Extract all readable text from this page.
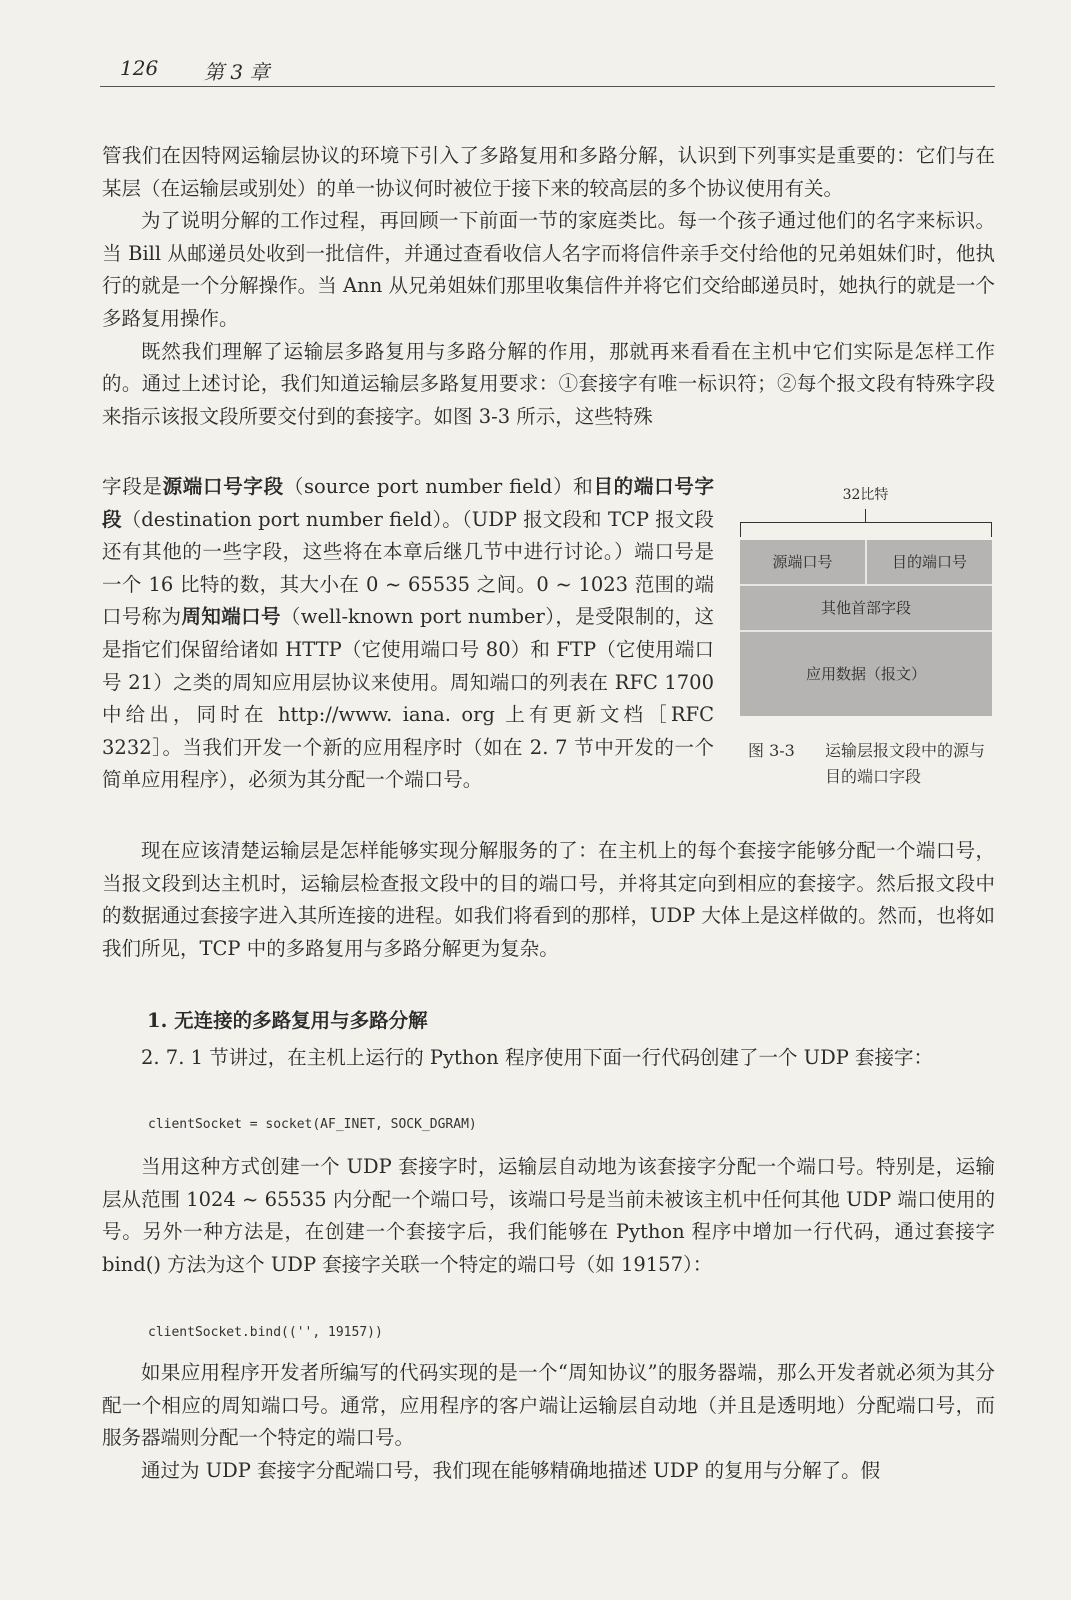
126 第 3 章

管我们在因特网运输层协议的环境下引入了多路复用和多路分解，认识到下列事实是重要的：它们与在某层（在运输层或别处）的单一协议何时被位于接下来的较高层的多个协议使用有关。

为了说明分解的工作过程，再回顾一下前面一节的家庭类比。每一个孩子通过他们的名字来标识。当 Bill 从邮递员处收到一批信件，并通过查看收信人名字而将信件亲手交付给他的兄弟姐妹们时，他执行的就是一个分解操作。当 Ann 从兄弟姐妹们那里收集信件并将它们交给邮递员时，她执行的就是一个多路复用操作。

既然我们理解了运输层多路复用与多路分解的作用，那就再来看看在主机中它们实际是怎样工作的。通过上述讨论，我们知道运输层多路复用要求：①套接字有唯一标识符；②每个报文段有特殊字段来指示该报文段所要交付到的套接字。如图 3-3 所示，这些特殊

字段是源端口号字段（source port number field）和目的端口号字段（destination port number field）。（UDP 报文段和 TCP 报文段还有其他的一些字段，这些将在本章后继几节中进行讨论。）端口号是一个 16 比特的数，其大小在 0 ~ 65535 之间。0 ~ 1023 范围的端口号称为周知端口号（well-known port number），是受限制的，这是指它们保留给诸如 HTTP（它使用端口号 80）和 FTP（它使用端口号 21）之类的周知应用层协议来使用。周知端口的列表在 RFC 1700 中给出，同时在 http://www. iana. org 上有更新文档［RFC 3232］。当我们开发一个新的应用程序时（如在 2. 7 节中开发的一个简单应用程序），必须为其分配一个端口号。
32比特
源端口号	目的端口号
其他首部字段
应用数据（报文）
图 3-3 运输层报文段中的源与目的端口字段

现在应该清楚运输层是怎样能够实现分解服务的了：在主机上的每个套接字能够分配一个端口号，当报文段到达主机时，运输层检查报文段中的目的端口号，并将其定向到相应的套接字。然后报文段中的数据通过套接字进入其所连接的进程。如我们将看到的那样，UDP 大体上是这样做的。然而，也将如我们所见，TCP 中的多路复用与多路分解更为复杂。

1. 无连接的多路复用与多路分解

2. 7. 1 节讲过，在主机上运行的 Python 程序使用下面一行代码创建了一个 UDP 套接字：

clientSocket = socket(AF_INET, SOCK_DGRAM)

当用这种方式创建一个 UDP 套接字时，运输层自动地为该套接字分配一个端口号。特别是，运输层从范围 1024 ~ 65535 内分配一个端口号，该端口号是当前未被该主机中任何其他 UDP 端口使用的号。另外一种方法是，在创建一个套接字后，我们能够在 Python 程序中增加一行代码，通过套接字 bind() 方法为这个 UDP 套接字关联一个特定的端口号（如 19157）：

clientSocket.bind(('', 19157))

如果应用程序开发者所编写的代码实现的是一个“周知协议”的服务器端，那么开发者就必须为其分配一个相应的周知端口号。通常，应用程序的客户端让运输层自动地（并且是透明地）分配端口号，而服务器端则分配一个特定的端口号。

通过为 UDP 套接字分配端口号，我们现在能够精确地描述 UDP 的复用与分解了。假
